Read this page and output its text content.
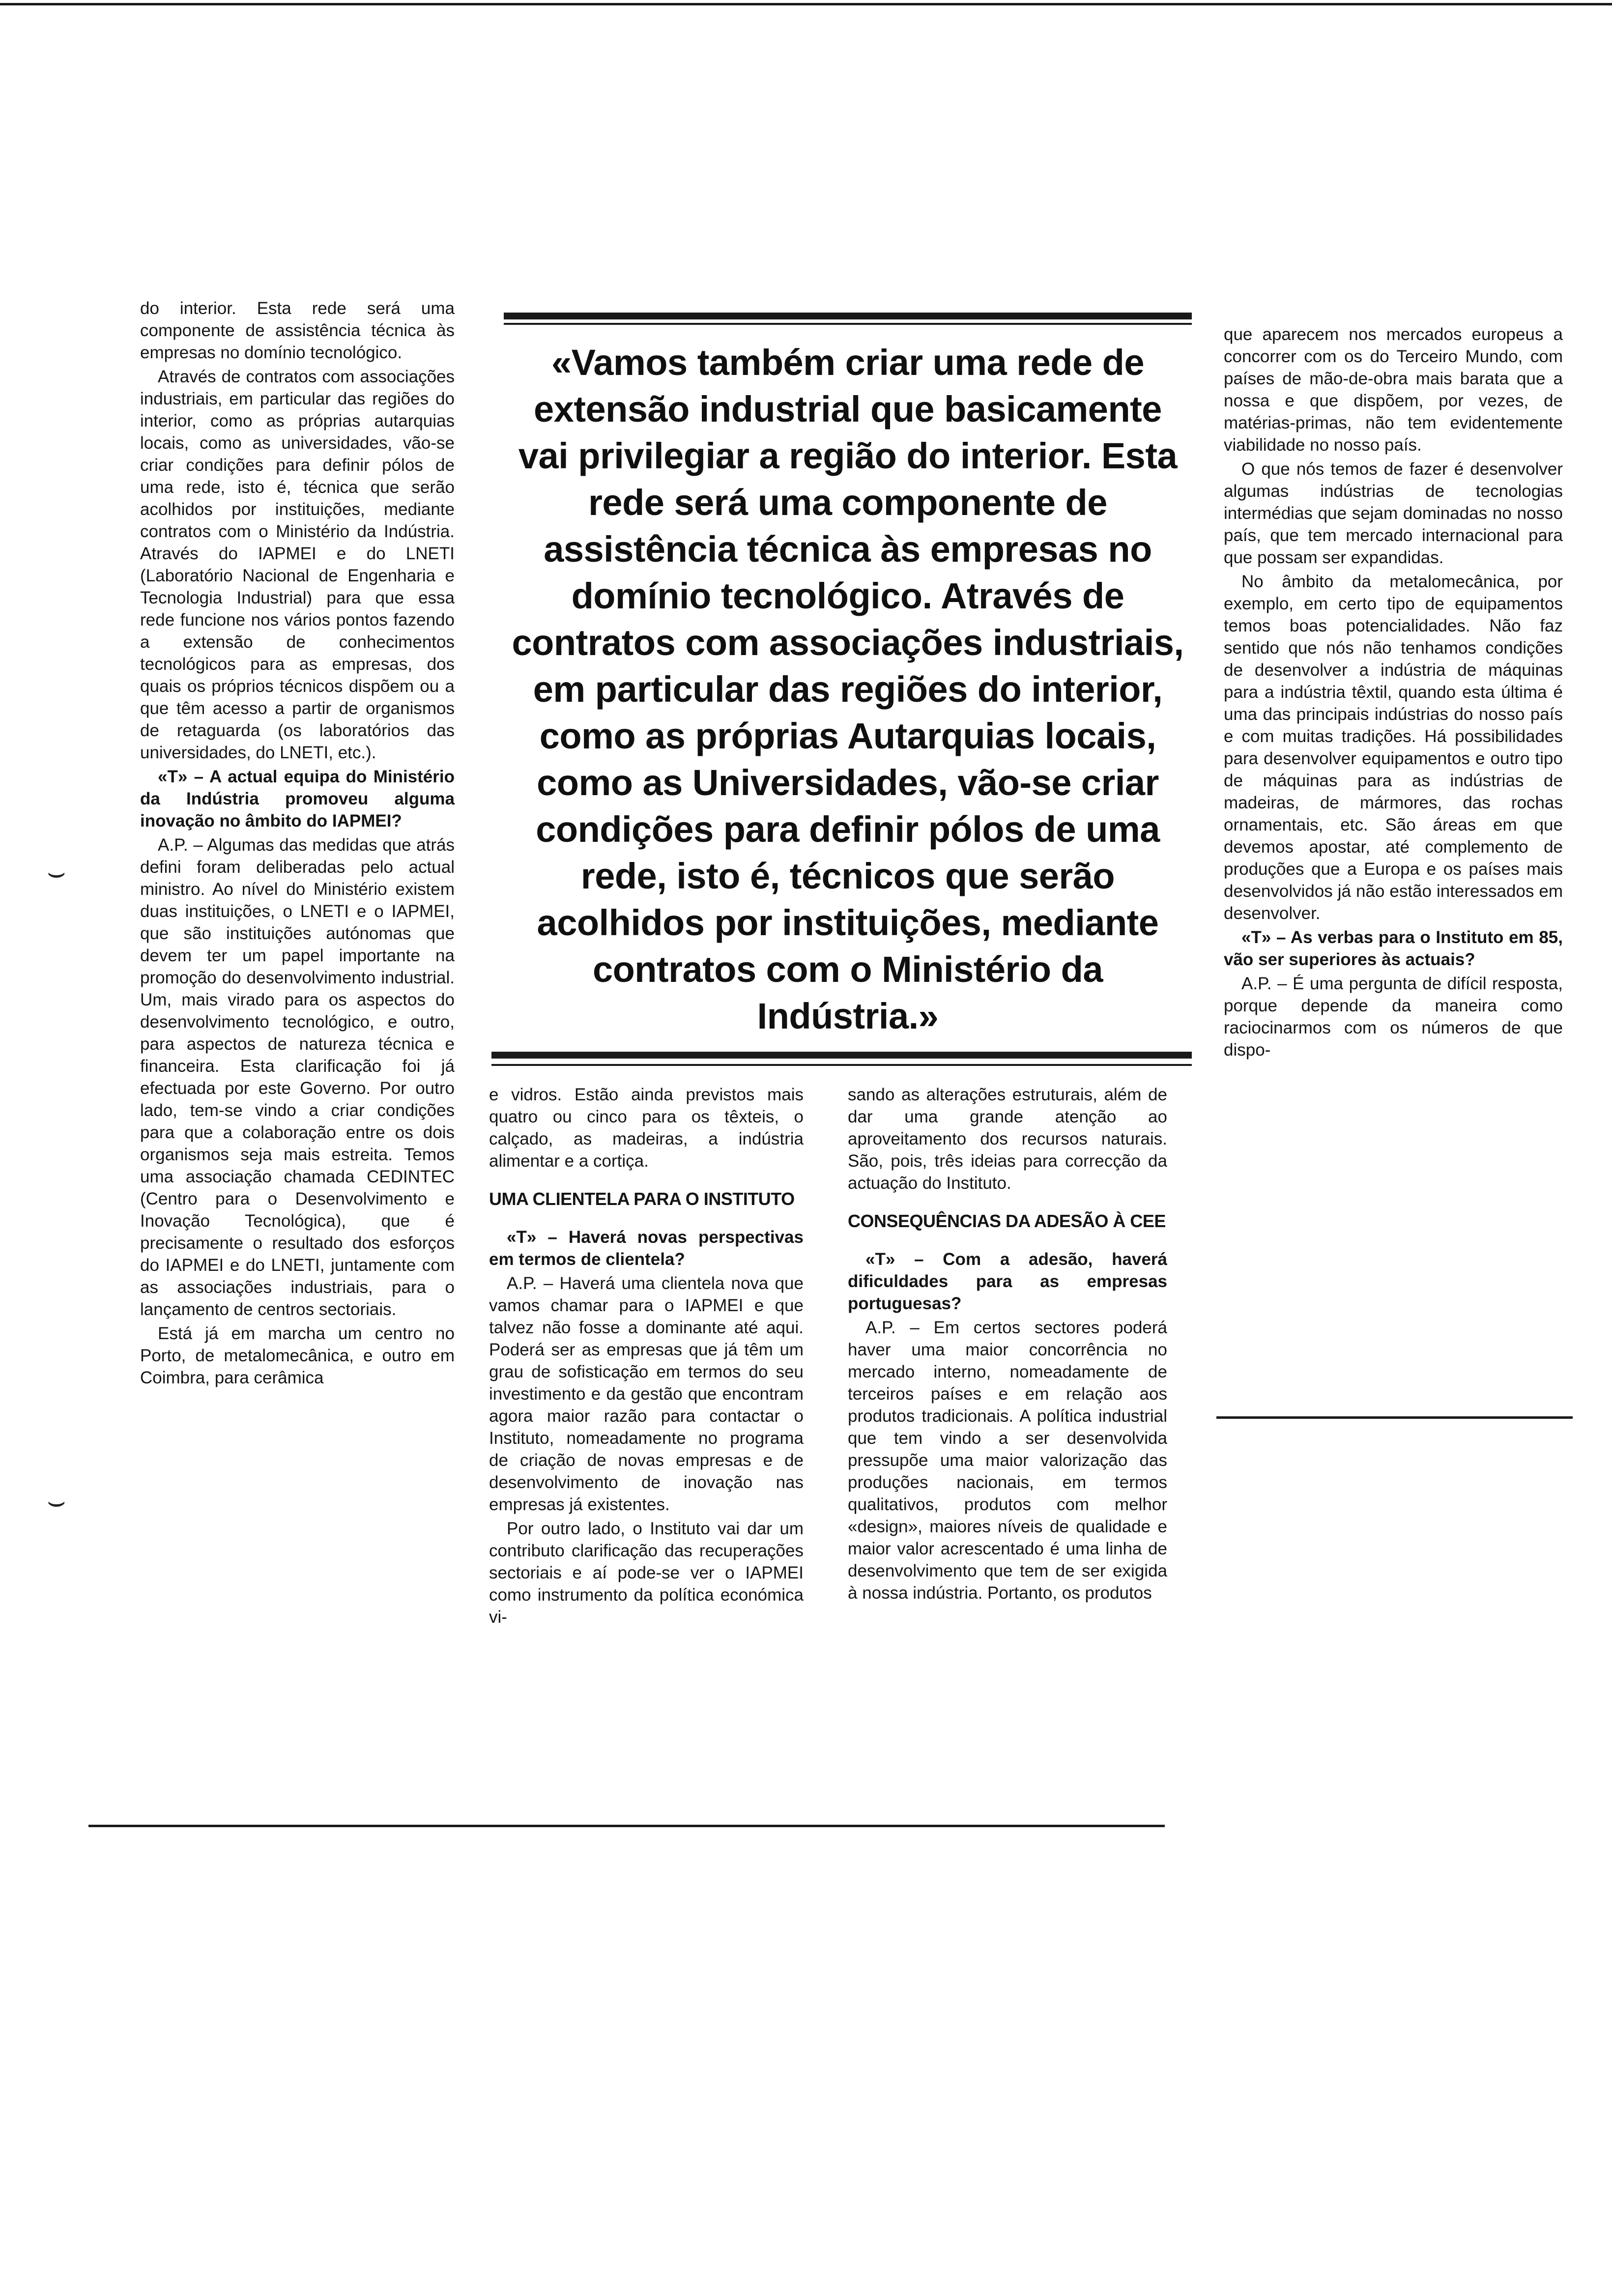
⌣
⌣

do interior. Esta rede será uma componente de assistência técnica às empresas no domínio tecnológico.

Através de contratos com associações industriais, em particular das regiões do interior, como as próprias autarquias locais, como as universidades, vão-se criar condições para definir pólos de uma rede, isto é, técnica que serão acolhidos por instituições, mediante contratos com o Ministério da Indústria. Através do IAPMEI e do LNETI (Laboratório Nacional de Engenharia e Tecnologia Industrial) para que essa rede funcione nos vários pontos fazendo a extensão de conhecimentos tecnológicos para as empresas, dos quais os próprios técnicos dispõem ou a que têm acesso a partir de organismos de retaguarda (os laboratórios das universidades, do LNETI, etc.).

«T» – A actual equipa do Ministério da Indústria promoveu alguma inovação no âmbito do IAPMEI?

A.P. – Algumas das medidas que atrás defini foram deliberadas pelo actual ministro. Ao nível do Ministério existem duas instituições, o LNETI e o IAPMEI, que são instituições autónomas que devem ter um papel importante na promoção do desenvolvimento industrial. Um, mais virado para os aspectos do desenvolvimento tecnológico, e outro, para aspectos de natureza técnica e financeira. Esta clarificação foi já efectuada por este Governo. Por outro lado, tem-se vindo a criar condições para que a colaboração entre os dois organismos seja mais estreita. Temos uma associação chamada CEDINTEC (Centro para o Desenvolvimento e Inovação Tecnológica), que é precisamente o resultado dos esforços do IAPMEI e do LNETI, juntamente com as associações industriais, para o lançamento de centros sectoriais.

Está já em marcha um centro no Porto, de metalomecânica, e outro em Coimbra, para cerâmica

«Vamos também criar uma rede de extensão industrial que basicamente vai privilegiar a região do interior. Esta rede será uma componente de assistência técnica às empresas no domínio tecnológico. Através de contratos com associações industriais, em particular das regiões do interior, como as próprias Autarquias locais, como as Universidades, vão-se criar condições para definir pólos de uma rede, isto é, técnicos que serão acolhidos por instituições, mediante contratos com o Ministério da Indústria.»

e vidros. Estão ainda previstos mais quatro ou cinco para os têxteis, o calçado, as madeiras, a indústria alimentar e a cortiça.

UMA CLIENTELA PARA O INSTITUTO

«T» – Haverá novas perspectivas em termos de clientela?

A.P. – Haverá uma clientela nova que vamos chamar para o IAPMEI e que talvez não fosse a dominante até aqui. Poderá ser as empresas que já têm um grau de sofisticação em termos do seu investimento e da gestão que encontram agora maior razão para contactar o Instituto, nomeadamente no programa de criação de novas empresas e de desenvolvimento de inovação nas empresas já existentes.

Por outro lado, o Instituto vai dar um contributo clarificação das recuperações sectoriais e aí pode-se ver o IAPMEI como instrumento da política económica vi-

sando as alterações estruturais, além de dar uma grande atenção ao aproveitamento dos recursos naturais. São, pois, três ideias para correcção da actuação do Instituto.

CONSEQUÊNCIAS DA ADESÃO À CEE

«T» – Com a adesão, haverá dificuldades para as empresas portuguesas?

A.P. – Em certos sectores poderá haver uma maior concorrência no mercado interno, nomeadamente de terceiros países e em relação aos produtos tradicionais. A política industrial que tem vindo a ser desenvolvida pressupõe uma maior valorização das produções nacionais, em termos qualitativos, produtos com melhor «design», maiores níveis de qualidade e maior valor acrescentado é uma linha de desenvolvimento que tem de ser exigida à nossa indústria. Portanto, os produtos

que aparecem nos mercados europeus a concorrer com os do Terceiro Mundo, com países de mão-de-obra mais barata que a nossa e que dispõem, por vezes, de matérias-primas, não tem evidentemente viabilidade no nosso país.

O que nós temos de fazer é desenvolver algumas indústrias de tecnologias intermédias que sejam dominadas no nosso país, que tem mercado internacional para que possam ser expandidas.

No âmbito da metalomecânica, por exemplo, em certo tipo de equipamentos temos boas potencialidades. Não faz sentido que nós não tenhamos condições de desenvolver a indústria de máquinas para a indústria têxtil, quando esta última é uma das principais indústrias do nosso país e com muitas tradições. Há possibilidades para desenvolver equipamentos e outro tipo de máquinas para as indústrias de madeiras, de mármores, das rochas ornamentais, etc. São áreas em que devemos apostar, até complemento de produções que a Europa e os países mais desenvolvidos já não estão interessados em desenvolver.

«T» – As verbas para o Instituto em 85, vão ser superiores às actuais?

A.P. – É uma pergunta de difícil resposta, porque depende da maneira como raciocinarmos com os números de que dispo-
